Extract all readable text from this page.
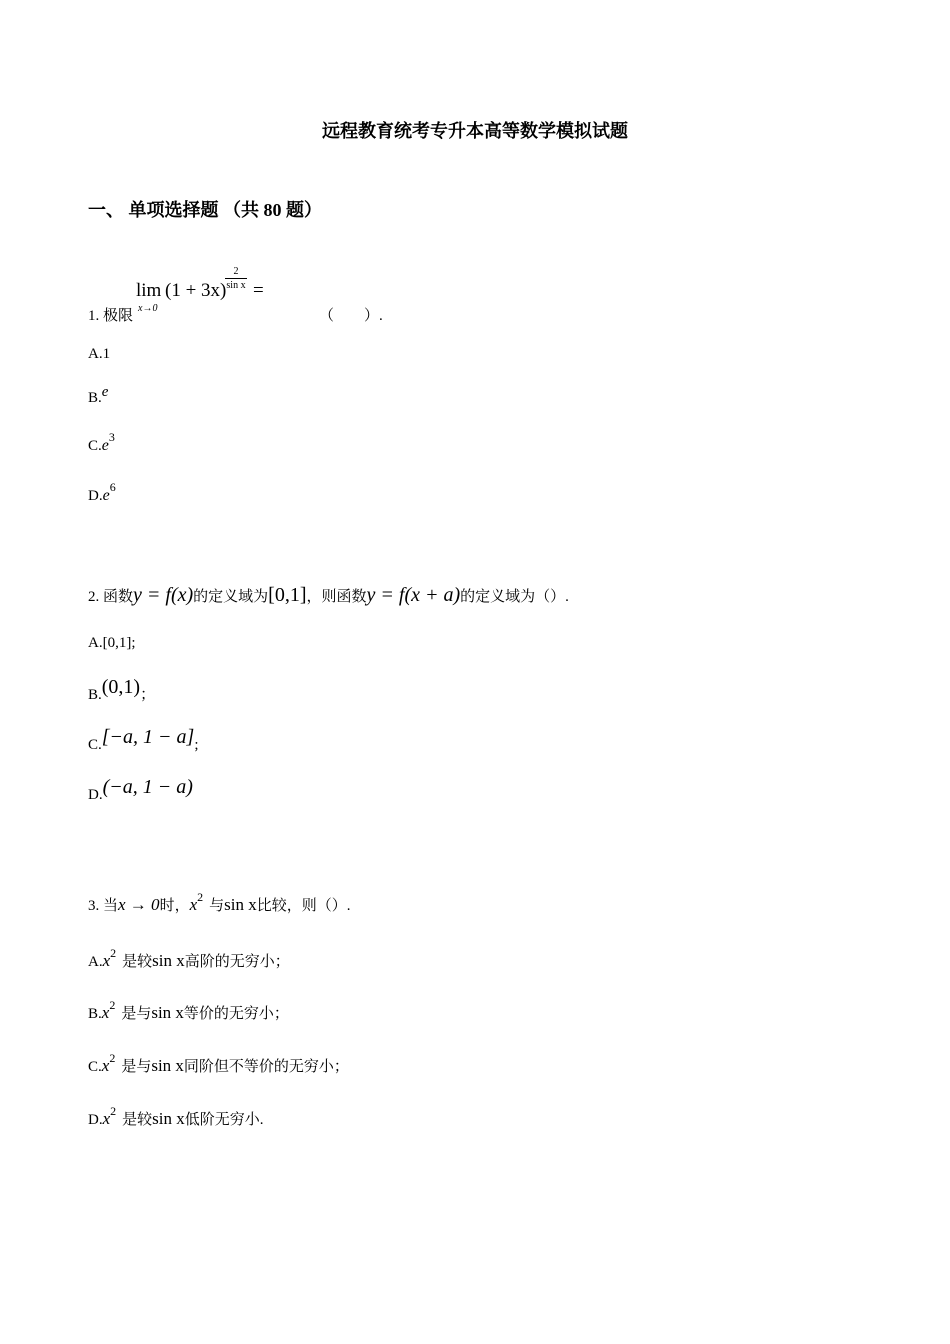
远程教育统考专升本高等数学模拟试题
一、 单项选择题 （共 80 题）
1. 极限	（　　）.
lim
x→0
(1 + 3x)
2
sin x =
A.1
B.e
$C.e^3$
$D.e^6$
2. 函数y = f(x)的定义域为[0,1]，则函数y = f(x + a)的定义域为（）.
A.[0,1];
B.(0,1)；
C.[−a, 1 − a];
D.(−a, 1 − a)
3. 当x → 0时，$x^2$与sin x比较，则（）.
$A.x^2$是较sin x高阶的无穷小；
$B.x^2$是与sin x等价的无穷小；
$C.x^2$是与sin x同阶但不等价的无穷小；
$D.x^2$是较sin x低阶无穷小.
